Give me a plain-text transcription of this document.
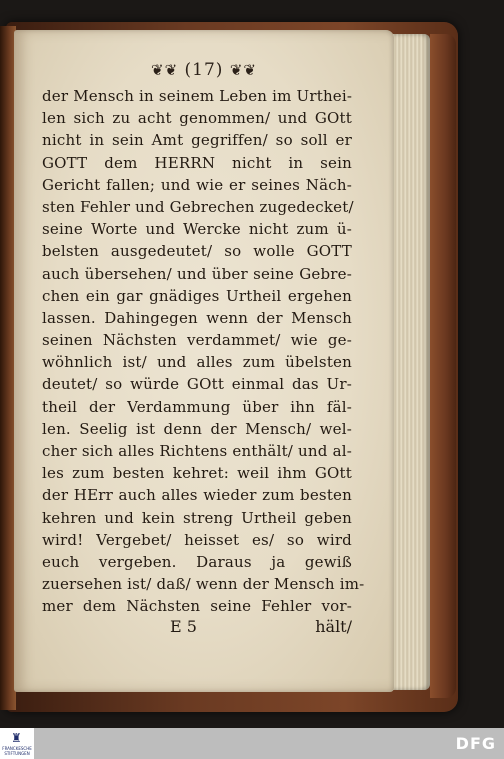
❦❦ (17) ❦❦
der Mensch in seinem Leben im Urthei-
len sich zu acht genommen/ und GOtt
nicht in sein Amt gegriffen/ so soll er
GOTT dem HERRN nicht in sein
Gericht fallen; und wie er seines Näch-
sten Fehler und Gebrechen zugedecket/
seine Worte und Wercke nicht zum ü-
belsten ausgedeutet/ so wolle GOTT
auch übersehen/ und über seine Gebre-
chen ein gar gnädiges Urtheil ergehen
lassen. Dahingegen wenn der Mensch
seinen Nächsten verdammet/ wie ge-
wöhnlich ist/ und alles zum übelsten
deutet/ so würde GOtt einmal das Ur-
theil der Verdammung über ihn fäl-
len. Seelig ist denn der Mensch/ wel-
cher sich alles Richtens enthält/ und al-
les zum besten kehret: weil ihm GOtt
der HErr auch alles wieder zum besten
kehren und kein streng Urtheil geben
wird! Vergebet/ heisset es/ so wird
euch vergeben. Daraus ja gewiß
zuersehen ist/ daß/ wenn der Mensch im-
mer dem Nächsten seine Fehler vor-
E 5	hält/
♜
FRANCKESCHE STIFTUNGEN
DFG
